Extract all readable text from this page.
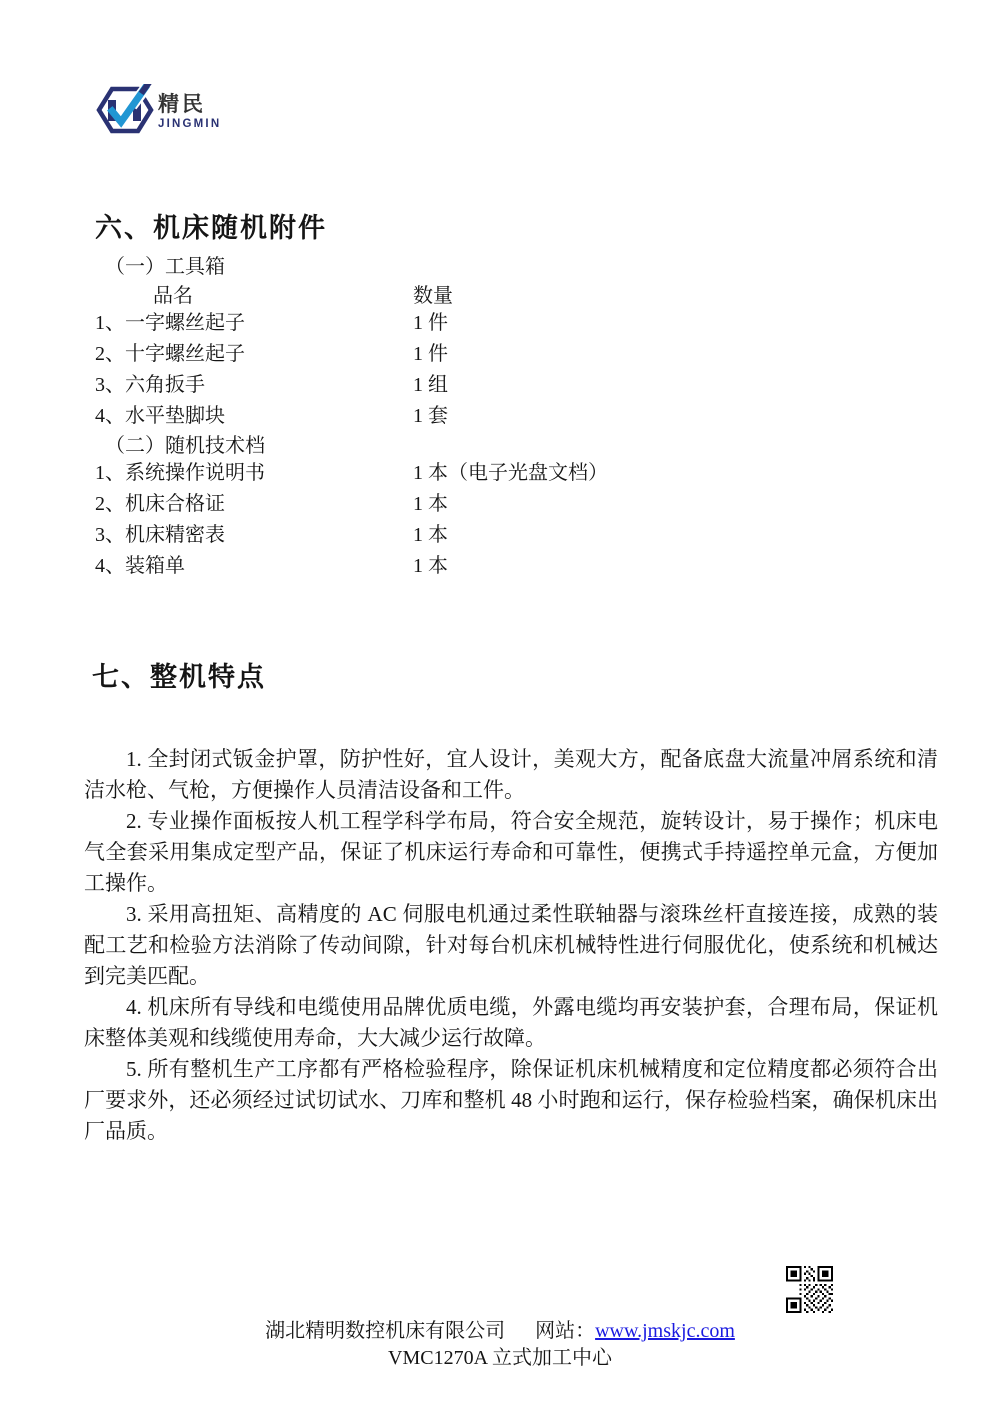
精民
JINGMIN
六、机床随机附件
（一）工具箱
品名	数量
1、一字螺丝起子	1 件
2、十字螺丝起子	1 件
3、六角扳手	1 组
4、水平垫脚块	1 套
（二）随机技术档
1、系统操作说明书	1 本（电子光盘文档）
2、机床合格证	1 本
3、机床精密表	1 本
4、装箱单	1 本
七、整机特点

1. 全封闭式钣金护罩，防护性好，宜人设计，美观大方，配备底盘大流量冲屑系统和清洁水枪、气枪，方便操作人员清洁设备和工件。

2. 专业操作面板按人机工程学科学布局，符合安全规范，旋转设计，易于操作；机床电气全套采用集成定型产品，保证了机床运行寿命和可靠性，便携式手持遥控单元盒，方便加工操作。

3. 采用高扭矩、高精度的 AC 伺服电机通过柔性联轴器与滚珠丝杆直接连接，成熟的装配工艺和检验方法消除了传动间隙，针对每台机床机械特性进行伺服优化，使系统和机械达到完美匹配。

4. 机床所有导线和电缆使用品牌优质电缆，外露电缆均再安装护套，合理布局，保证机床整体美观和线缆使用寿命，大大减少运行故障。

5. 所有整机生产工序都有严格检验程序，除保证机床机械精度和定位精度都必须符合出厂要求外，还必须经过试切试水、刀库和整机 48 小时跑和运行，保存检验档案，确保机床出厂品质。

湖北精明数控机床有限公司 网站：www.jmskjc.com
VMC1270A 立式加工中心
